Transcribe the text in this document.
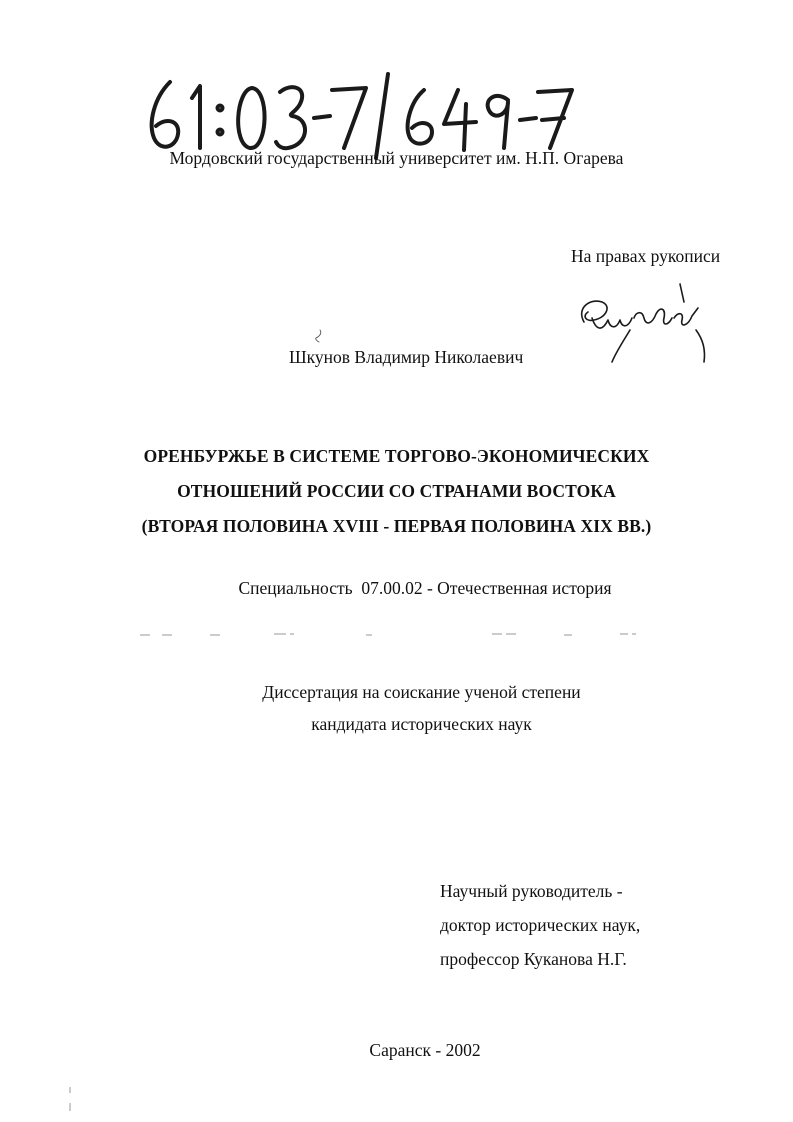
Мордовский государственный университет им. Н.П. Огарева
На правах рукописи
Шкунов Владимир Николаевич
ОРЕНБУРЖЬЕ В СИСТЕМЕ ТОРГОВО-ЭКОНОМИЧЕСКИХ
ОТНОШЕНИЙ РОССИИ СО СТРАНАМИ ВОСТОКА
(ВТОРАЯ ПОЛОВИНА XVIII - ПЕРВАЯ ПОЛОВИНА XIX ВВ.)
Специальность 07.00.02 - Отечественная история
Диссертация на соискание ученой степени
кандидата исторических наук
Научный руководитель -
доктор исторических наук,
профессор Куканова Н.Г.
Саранск - 2002
